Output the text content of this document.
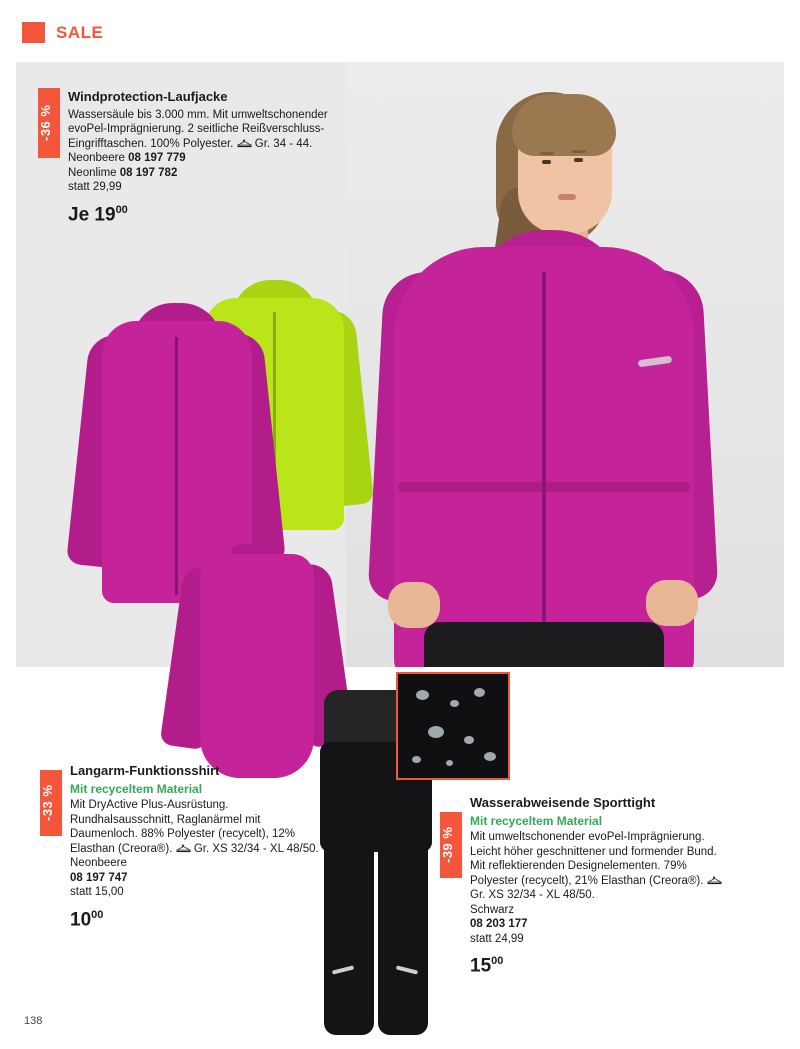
SALE
-36 %
Windprotection-Laufjacke

Wassersäule bis 3.000 mm. Mit umweltschonender evoPel-Imprägnierung. 2 seitliche Reißverschluss-Eingrifftaschen. 100% Polyester. Gr. 34 - 44.

Neonbeere 08 197 779

Neonlime 08 197 782

statt 29,99

Je $19^{00}$
-33 %
Langarm-Funktionsshirt
Mit recyceltem Material

Mit DryActive Plus-Ausrüstung. Rundhalsausschnitt, Raglanärmel mit Daumenloch. 88% Polyester (recycelt), 12% Elasthan (Creora®). Gr. XS 32/34 - XL 48/50.

Neonbeere

08 197 747

statt 15,00

$10^{00}$
-39 %
Wasserabweisende Sporttight
Mit recyceltem Material

Mit umweltschonender evoPel-Imprägnierung. Leicht höher geschnittener und formender Bund. Mit reflektierenden Designelementen. 79% Polyester (recycelt), 21% Elasthan (Creora®).
Gr. XS 32/34 - XL 48/50.

Schwarz

08 203 177

statt 24,99

$15^{00}$
138
